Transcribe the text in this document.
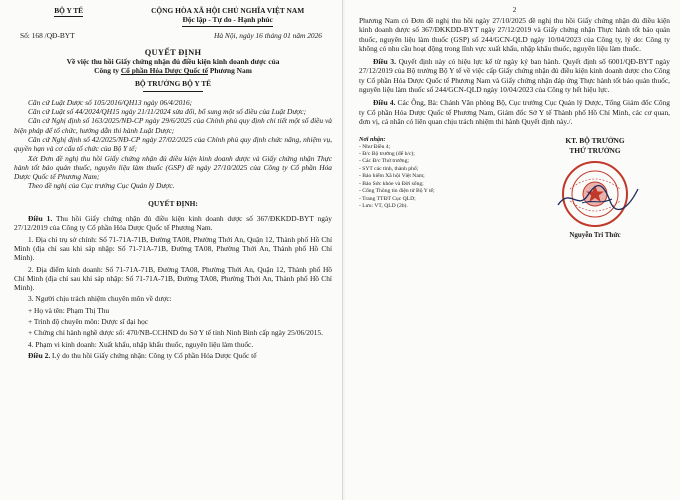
BỘ Y TẾ	CỘNG HÒA XÃ HỘI CHỦ NGHĨA VIỆT NAM
Độc lập - Tự do - Hạnh phúc
Số: 168 /QĐ-BYT	Hà Nội, ngày 16 tháng 01 năm 2026
QUYẾT ĐỊNH
Về việc thu hồi Giấy chứng nhận đủ điều kiện kinh doanh dược của
Công ty Cổ phần Hóa Dược Quốc tế Phương Nam
BỘ TRƯỞNG BỘ Y TẾ
Căn cứ Luật Dược số 105/2016/QH13 ngày 06/4/2016;
Căn cứ Luật số 44/2024/QH15 ngày 21/11/2024 sửa đổi, bổ sung một số điều của Luật Dược;
Căn cứ Nghị định số 163/2025/NĐ-CP ngày 29/6/2025 của Chính phủ quy định chi tiết một số điều và biện pháp để tổ chức, hướng dẫn thi hành Luật Dược;
Căn cứ Nghị định số 42/2025/NĐ-CP ngày 27/02/2025 của Chính phủ quy định chức năng, nhiệm vụ, quyền hạn và cơ cấu tổ chức của Bộ Y tế;
Xét Đơn đề nghị thu hồi Giấy chứng nhận đủ điều kiện kinh doanh dược và Giấy chứng nhận Thực hành tốt bảo quản thuốc, nguyên liệu làm thuốc (GSP) đề ngày 27/10/2025 của Công ty Cổ phần Hóa Dược Quốc tế Phương Nam;
Theo đề nghị của Cục trưởng Cục Quản lý Dược.
QUYẾT ĐỊNH:
Điều 1. Thu hồi Giấy chứng nhận đủ điều kiện kinh doanh dược số 367/ĐKKDD-BYT ngày 27/12/2019 của Công ty Cổ phần Hóa Dược Quốc tế Phương Nam.
1. Địa chỉ trụ sở chính: Số 71-71A-71B, Đường TA08, Phường Thới An, Quận 12, Thành phố Hồ Chí Minh (địa chỉ sau khi sáp nhập: Số 71-71A-71B, Đường TA08, Phường Thới An, Thành phố Hồ Chí Minh).
2. Địa điểm kinh doanh: Số 71-71A-71B, Đường TA08, Phường Thới An, Quận 12, Thành phố Hồ Chí Minh (địa chỉ sau khi sáp nhập: Số 71-71A-71B, Đường TA08, Phường Thới An, Thành phố Hồ Chí Minh).
3. Người chịu trách nhiệm chuyên môn về dược:
+ Họ và tên: Phạm Thị Thu
+ Trình độ chuyên môn: Dược sĩ đại học
+ Chứng chỉ hành nghề dược số: 470/NB-CCHND do Sở Y tế tỉnh Ninh Bình cấp ngày 25/06/2015.
4. Phạm vi kinh doanh: Xuất khẩu, nhập khẩu thuốc, nguyên liệu làm thuốc.
Điều 2. Lý do thu hồi Giấy chứng nhận: Công ty Cổ phần Hóa Dược Quốc tế
2
Phương Nam có Đơn đề nghị thu hồi ngày 27/10/2025 đề nghị thu hồi Giấy chứng nhận đủ điều kiện kinh doanh dược số 367/ĐKKDD-BYT ngày 27/12/2019 và Giấy chứng nhận Thực hành tốt bảo quản thuốc, nguyên liệu làm thuốc (GSP) số 244/GCN-QLD ngày 10/04/2023 của Công ty, lý do: Công ty không có nhu cầu hoạt động trong lĩnh vực xuất khẩu, nhập khẩu thuốc, nguyên liệu làm thuốc.
Điều 3. Quyết định này có hiệu lực kể từ ngày ký ban hành. Quyết định số 6001/QĐ-BYT ngày 27/12/2019 của Bộ trưởng Bộ Y tế về việc cấp Giấy chứng nhận đủ điều kiện kinh doanh dược cho Công ty Cổ phần Hóa Dược Quốc tế Phương Nam và Giấy chứng nhận đáp ứng Thực hành tốt bảo quản thuốc, nguyên liệu làm thuốc số 244/GCN-QLD ngày 10/04/2023 của Công ty hết hiệu lực.
Điều 4. Các Ông, Bà: Chánh Văn phòng Bộ, Cục trưởng Cục Quản lý Dược, Tổng Giám đốc Công ty Cổ phần Hóa Dược Quốc tế Phương Nam, Giám đốc Sở Y tế Thành phố Hồ Chí Minh, các cơ quan, đơn vị, cá nhân có liên quan chịu trách nhiệm thi hành Quyết định này./.
Nơi nhận:
- Như Điều 4;
- Đ/c Bộ trưởng (để b/c);
- Các Đ/c Thứ trưởng;
- SYT các tỉnh, thành phố;
- Bảo hiểm Xã hội Việt Nam;
- Bảo Sức khỏe và Đời sống;
- Cổng Thông tin điện tử Bộ Y tế;
- Trang TTĐT Cục QLD;
- Lưu: VT, QLD (2b).
KT. BỘ TRƯỞNG
THỨ TRƯỞNG
Nguyễn Tri Thức
